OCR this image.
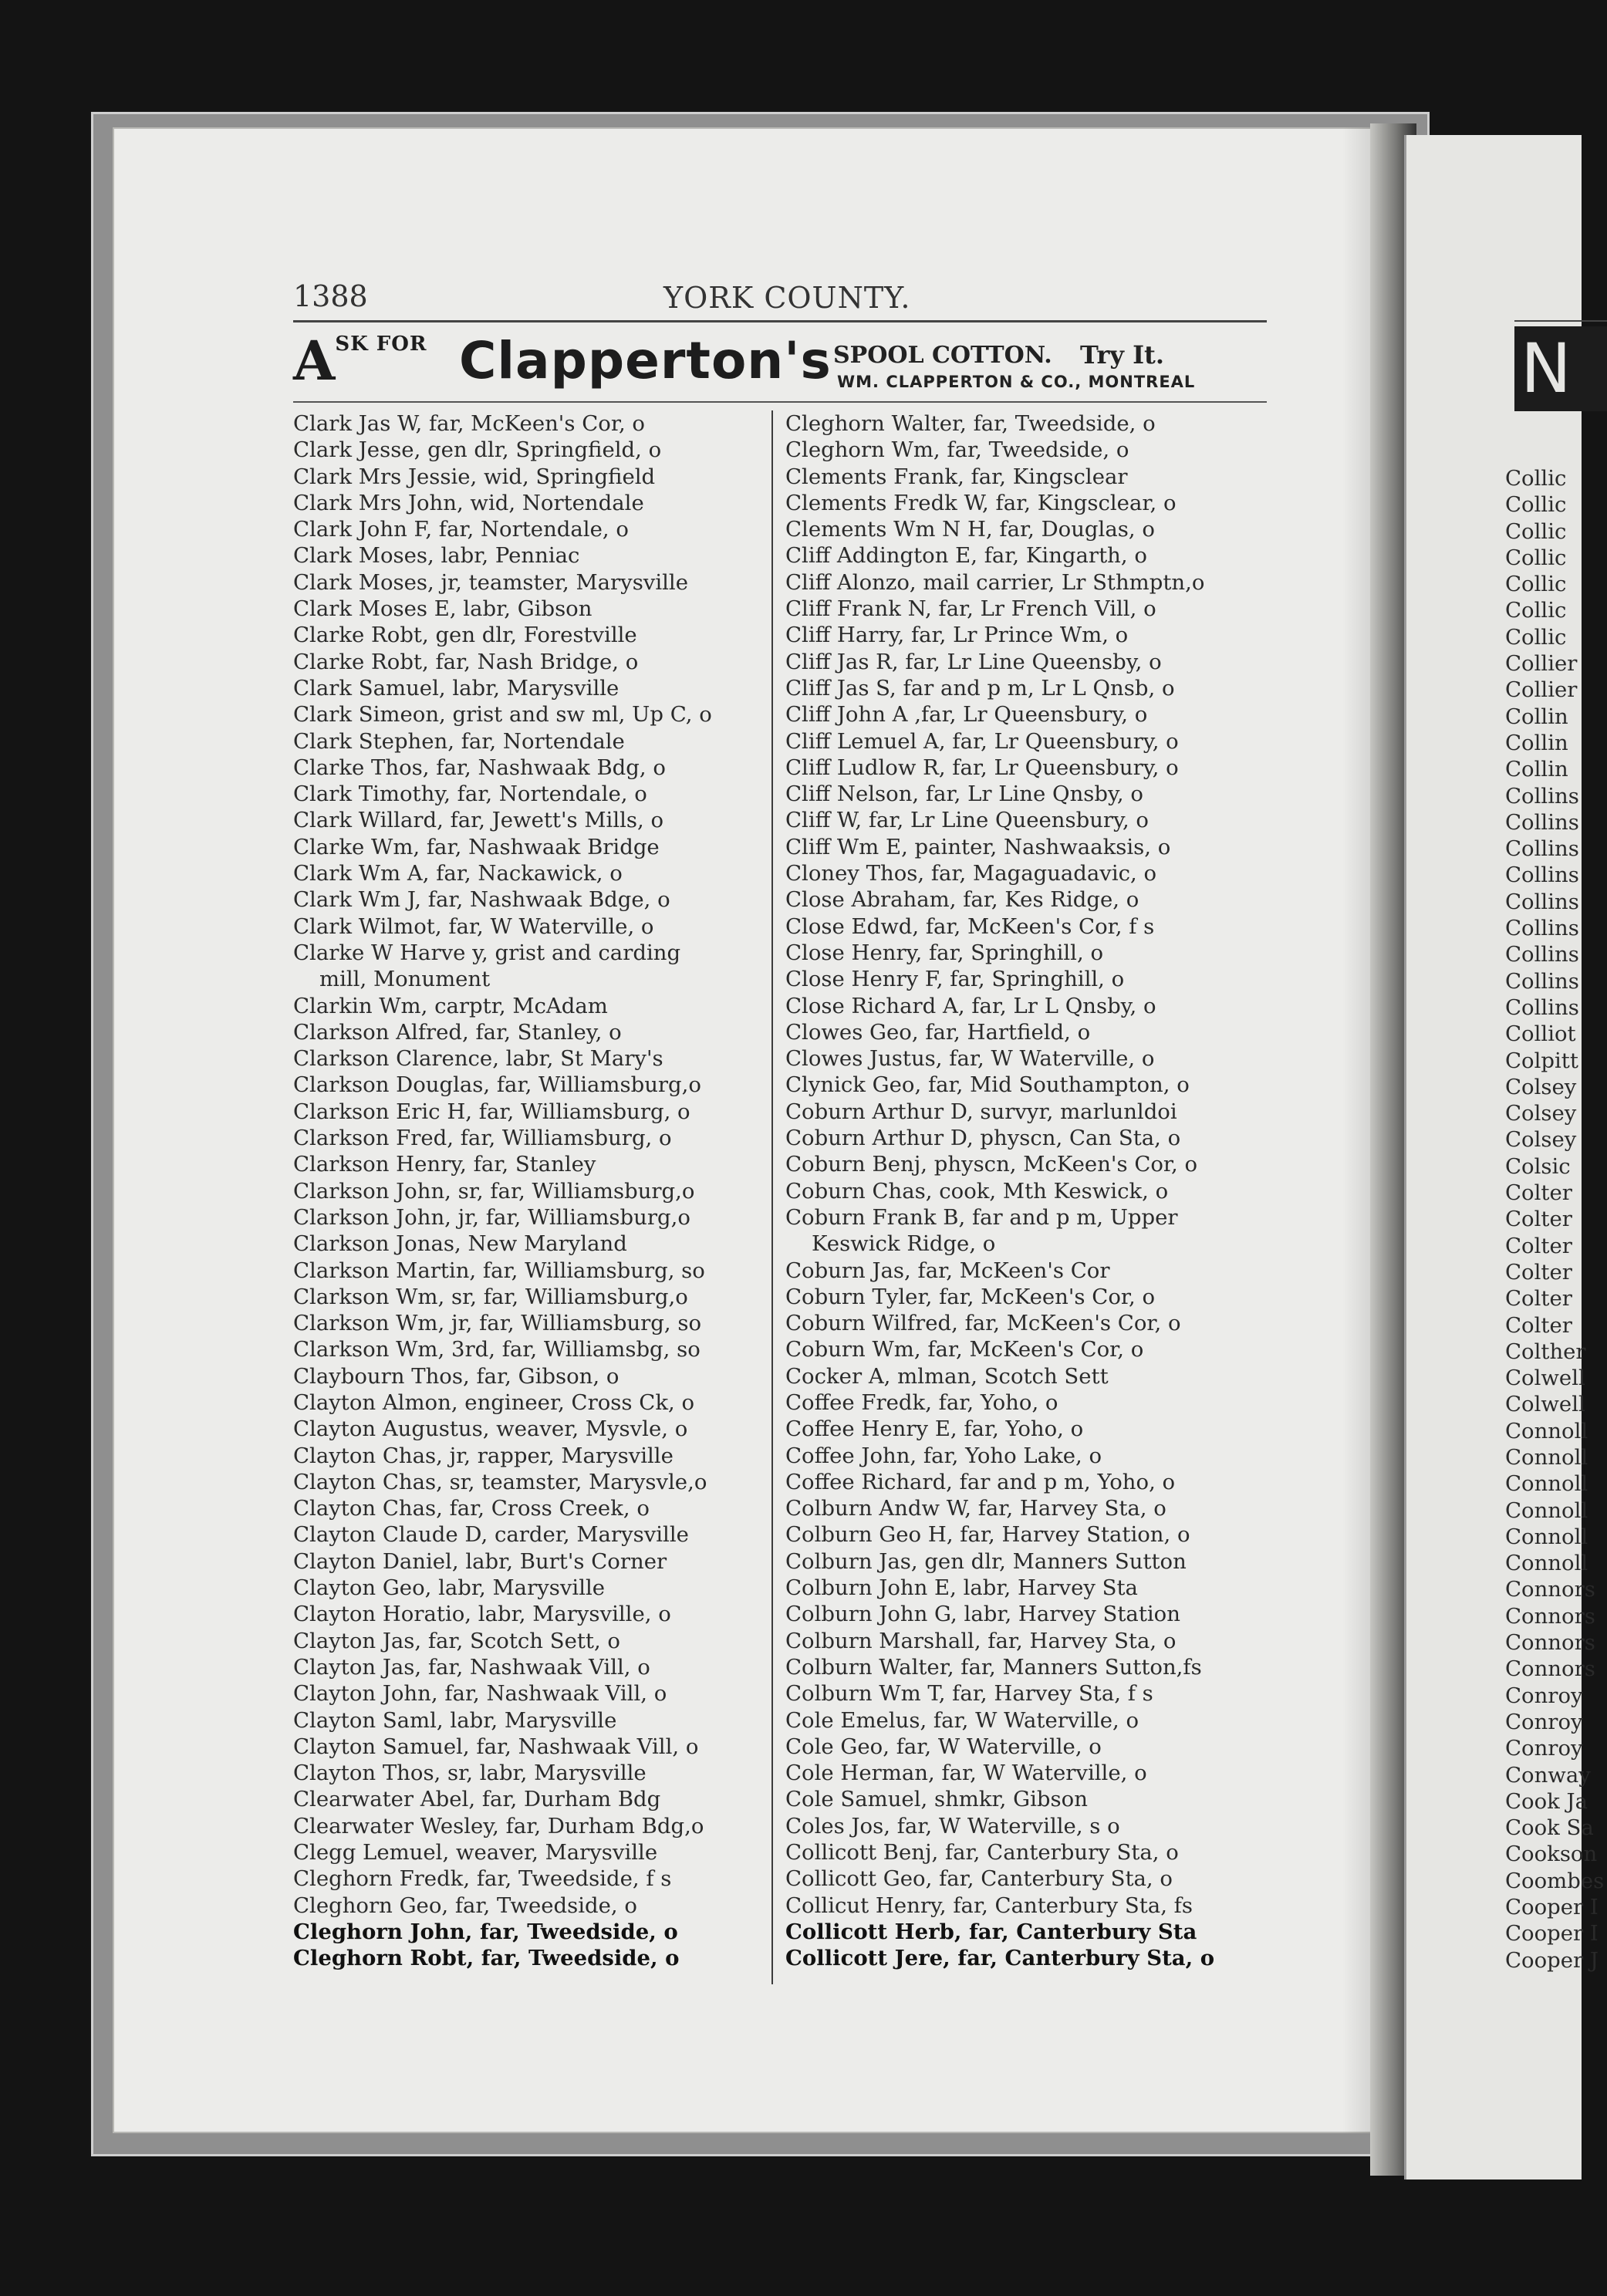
1388	YORK COUNTY.
$A^{SK FOR}$ Clapperton's SPOOL COTTON. Try It.
WM. CLAPPERTON & CO., MONTREAL
Clark Jas W, far, McKeen's Cor, o
Clark Jesse, gen dlr, Springfield, o
Clark Mrs Jessie, wid, Springfield
Clark Mrs John, wid, Nortendale
Clark John F, far, Nortendale, o
Clark Moses, labr, Penniac
Clark Moses, jr, teamster, Marysville
Clark Moses E, labr, Gibson
Clarke Robt, gen dlr, Forestville
Clarke Robt, far, Nash Bridge, o
Clark Samuel, labr, Marysville
Clark Simeon, grist and sw ml, Up C, o
Clark Stephen, far, Nortendale
Clarke Thos, far, Nashwaak Bdg, o
Clark Timothy, far, Nortendale, o
Clark Willard, far, Jewett's Mills, o
Clarke Wm, far, Nashwaak Bridge
Clark Wm A, far, Nackawick, o
Clark Wm J, far, Nashwaak Bdge, o
Clark Wilmot, far, W Waterville, o
Clarke W Harve y, grist and carding
mill, Monument
Clarkin Wm, carptr, McAdam
Clarkson Alfred, far, Stanley, o
Clarkson Clarence, labr, St Mary's
Clarkson Douglas, far, Williamsburg,o
Clarkson Eric H, far, Williamsburg, o
Clarkson Fred, far, Williamsburg, o
Clarkson Henry, far, Stanley
Clarkson John, sr, far, Williamsburg,o
Clarkson John, jr, far, Williamsburg,o
Clarkson Jonas, New Maryland
Clarkson Martin, far, Williamsburg, so
Clarkson Wm, sr, far, Williamsburg,o
Clarkson Wm, jr, far, Williamsburg, so
Clarkson Wm, 3rd, far, Williamsbg, so
Claybourn Thos, far, Gibson, o
Clayton Almon, engineer, Cross Ck, o
Clayton Augustus, weaver, Mysvle, o
Clayton Chas, jr, rapper, Marysville
Clayton Chas, sr, teamster, Marysvle,o
Clayton Chas, far, Cross Creek, o
Clayton Claude D, carder, Marysville
Clayton Daniel, labr, Burt's Corner
Clayton Geo, labr, Marysville
Clayton Horatio, labr, Marysville, o
Clayton Jas, far, Scotch Sett, o
Clayton Jas, far, Nashwaak Vill, o
Clayton John, far, Nashwaak Vill, o
Clayton Saml, labr, Marysville
Clayton Samuel, far, Nashwaak Vill, o
Clayton Thos, sr, labr, Marysville
Clearwater Abel, far, Durham Bdg
Clearwater Wesley, far, Durham Bdg,o
Clegg Lemuel, weaver, Marysville
Cleghorn Fredk, far, Tweedside, f s
Cleghorn Geo, far, Tweedside, o
Cleghorn John, far, Tweedside, o
Cleghorn Robt, far, Tweedside, o
Cleghorn Walter, far, Tweedside, o
Cleghorn Wm, far, Tweedside, o
Clements Frank, far, Kingsclear
Clements Fredk W, far, Kingsclear, o
Clements Wm N H, far, Douglas, o
Cliff Addington E, far, Kingarth, o
Cliff Alonzo, mail carrier, Lr Sthmptn,o
Cliff Frank N, far, Lr French Vill, o
Cliff Harry, far, Lr Prince Wm, o
Cliff Jas R, far, Lr Line Queensby, o
Cliff Jas S, far and p m, Lr L Qnsb, o
Cliff John A ,far, Lr Queensbury, o
Cliff Lemuel A, far, Lr Queensbury, o
Cliff Ludlow R, far, Lr Queensbury, o
Cliff Nelson, far, Lr Line Qnsby, o
Cliff W, far, Lr Line Queensbury, o
Cliff Wm E, painter, Nashwaaksis, o
Cloney Thos, far, Magaguadavic, o
Close Abraham, far, Kes Ridge, o
Close Edwd, far, McKeen's Cor, f s
Close Henry, far, Springhill, o
Close Henry F, far, Springhill, o
Close Richard A, far, Lr L Qnsby, o
Clowes Geo, far, Hartfield, o
Clowes Justus, far, W Waterville, o
Clynick Geo, far, Mid Southampton, o
Coburn Arthur D, survyr, marlunldoi
Coburn Arthur D, physcn, Can Sta, o
Coburn Benj, physcn, McKeen's Cor, o
Coburn Chas, cook, Mth Keswick, o
Coburn Frank B, far and p m, Upper
Keswick Ridge, o
Coburn Jas, far, McKeen's Cor
Coburn Tyler, far, McKeen's Cor, o
Coburn Wilfred, far, McKeen's Cor, o
Coburn Wm, far, McKeen's Cor, o
Cocker A, mlman, Scotch Sett
Coffee Fredk, far, Yoho, o
Coffee Henry E, far, Yoho, o
Coffee John, far, Yoho Lake, o
Coffee Richard, far and p m, Yoho, o
Colburn Andw W, far, Harvey Sta, o
Colburn Geo H, far, Harvey Station, o
Colburn Jas, gen dlr, Manners Sutton
Colburn John E, labr, Harvey Sta
Colburn John G, labr, Harvey Station
Colburn Marshall, far, Harvey Sta, o
Colburn Walter, far, Manners Sutton,fs
Colburn Wm T, far, Harvey Sta, f s
Cole Emelus, far, W Waterville, o
Cole Geo, far, W Waterville, o
Cole Herman, far, W Waterville, o
Cole Samuel, shmkr, Gibson
Coles Jos, far, W Waterville, s o
Collicott Benj, far, Canterbury Sta, o
Collicott Geo, far, Canterbury Sta, o
Collicut Henry, far, Canterbury Sta, fs
Collicott Herb, far, Canterbury Sta
Collicott Jere, far, Canterbury Sta, o
N
Collic
Collic
Collic
Collic
Collic
Collic
Collic
Collier
Collier
Collin
Collin
Collin
Collins
Collins
Collins
Collins
Collins
Collins
Collins
Collins
Collins
Colliot
Colpitt
Colsey
Colsey
Colsey
Colsic
Colter
Colter
Colter
Colter
Colter
Colter
Colther
Colwell
Colwell
Connoll
Connoll
Connoll
Connoll
Connoll
Connoll
Connors
Connors
Connors
Connors
Conroy
Conroy
Conroy
Conway
Cook Ja
Cook Sa
Cookson
Coombes
Cooper I
Cooper I
Cooper J
